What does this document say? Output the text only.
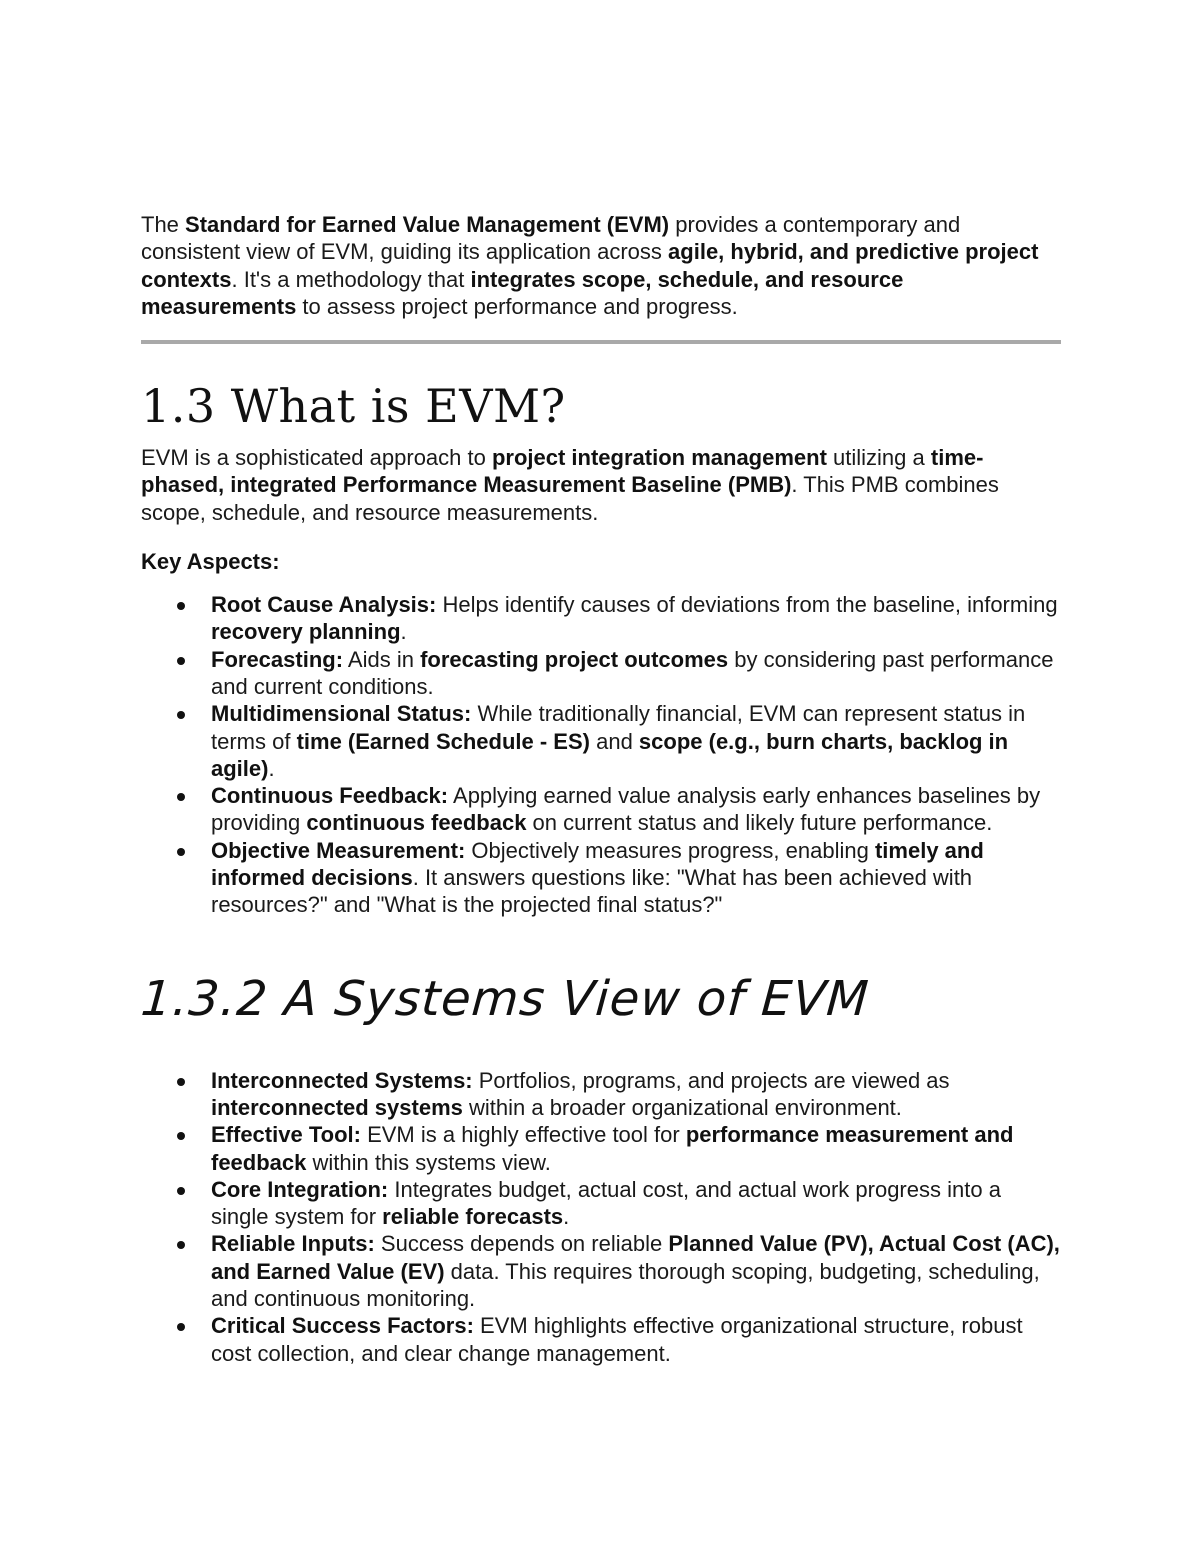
The Standard for Earned Value Management (EVM) provides a contemporary and consistent view of EVM, guiding its application across agile, hybrid, and predictive project contexts. It's a methodology that integrates scope, schedule, and resource measurements to assess project performance and progress.

1.3 What is EVM?

EVM is a sophisticated approach to project integration management utilizing a time-phased, integrated Performance Measurement Baseline (PMB). This PMB combines scope, schedule, and resource measurements.

Key Aspects:
Root Cause Analysis: Helps identify causes of deviations from the baseline, informing recovery planning.
Forecasting: Aids in forecasting project outcomes by considering past performance and current conditions.
Multidimensional Status: While traditionally financial, EVM can represent status in terms of time (Earned Schedule - ES) and scope (e.g., burn charts, backlog in agile).
Continuous Feedback: Applying earned value analysis early enhances baselines by providing continuous feedback on current status and likely future performance.
Objective Measurement: Objectively measures progress, enabling timely and informed decisions. It answers questions like: "What has been achieved with resources?" and "What is the projected final status?"
1.3.2 A Systems View of EVM
Interconnected Systems: Portfolios, programs, and projects are viewed as interconnected systems within a broader organizational environment.
Effective Tool: EVM is a highly effective tool for performance measurement and feedback within this systems view.
Core Integration: Integrates budget, actual cost, and actual work progress into a single system for reliable forecasts.
Reliable Inputs: Success depends on reliable Planned Value (PV), Actual Cost (AC), and Earned Value (EV) data. This requires thorough scoping, budgeting, scheduling, and continuous monitoring.
Critical Success Factors: EVM highlights effective organizational structure, robust cost collection, and clear change management.
